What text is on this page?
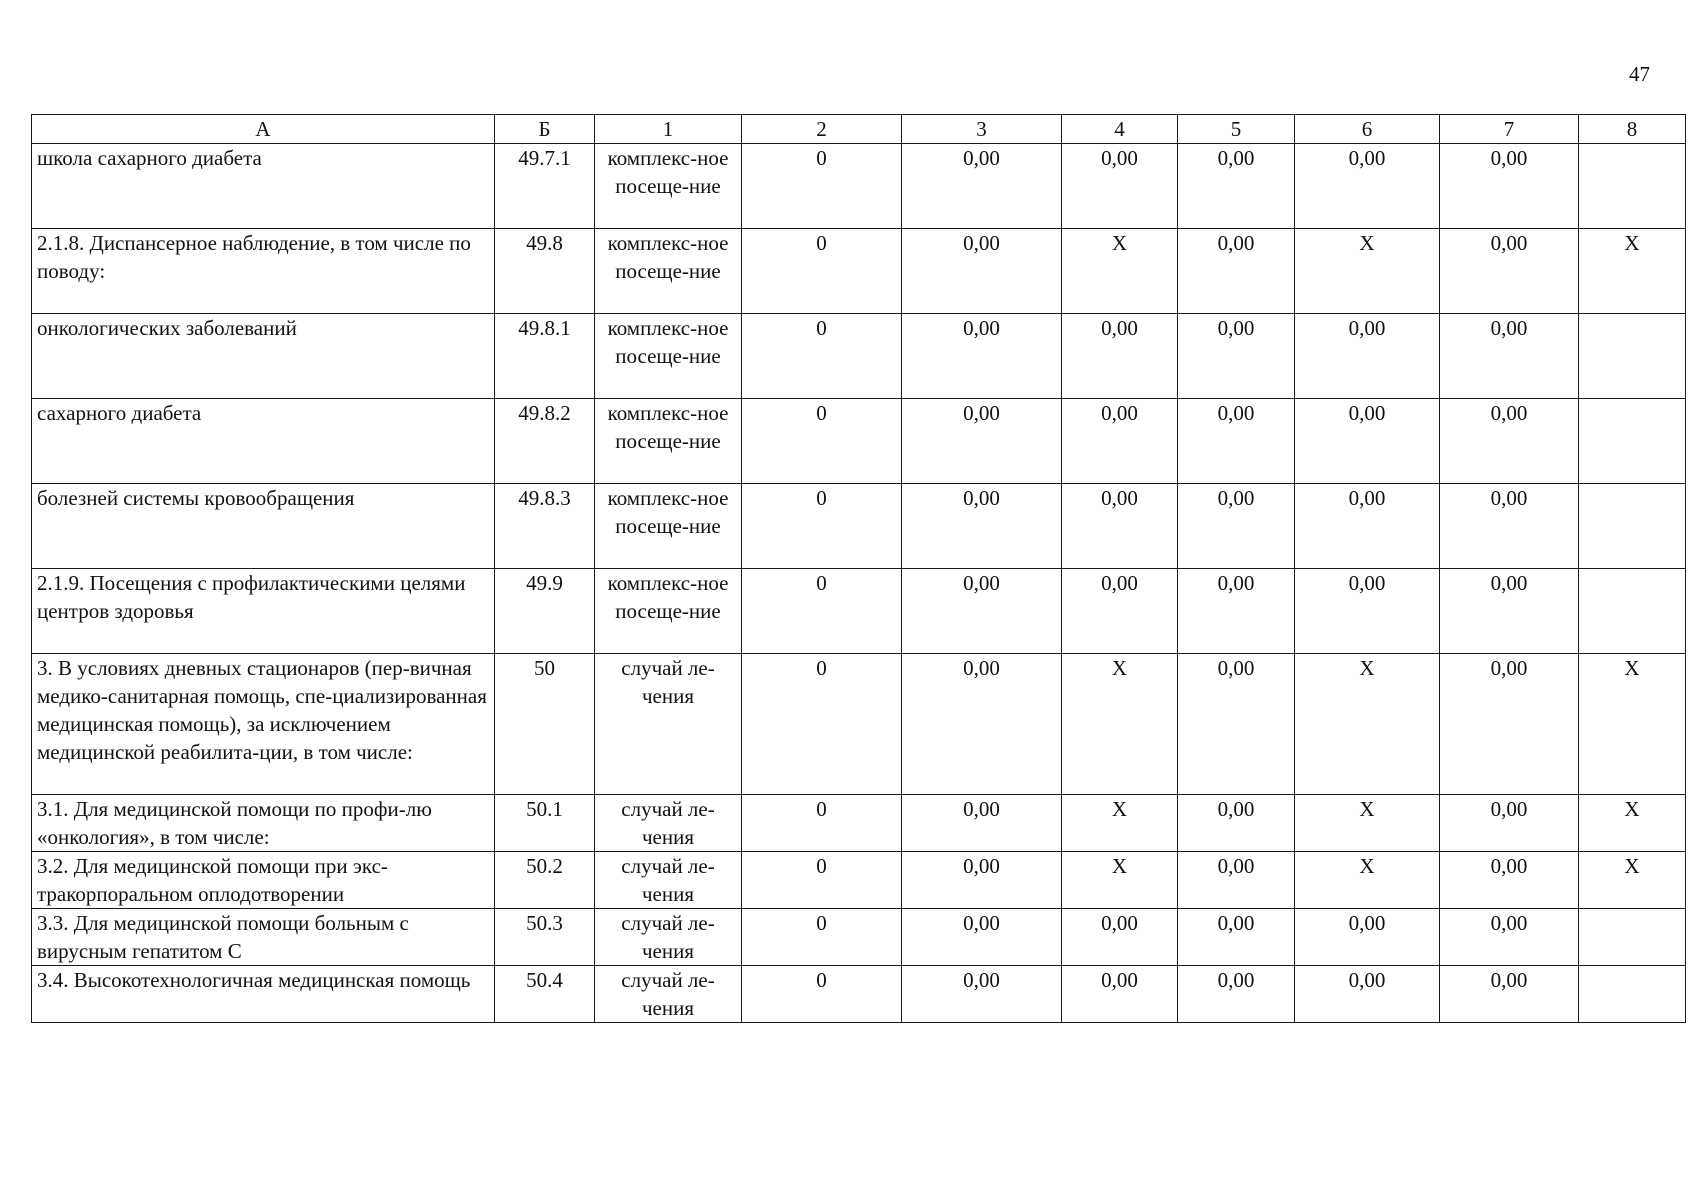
47
А	Б	1	2	3	4	5	6	7	8
школа сахарного диабета	49.7.1	комплекс-ное посеще-ние	0	0,00	0,00	0,00	0,00	0,00	
2.1.8. Диспансерное наблюдение, в том числе по поводу:	49.8	комплекс-ное посеще-ние	0	0,00	X	0,00	X	0,00	X
онкологических заболеваний	49.8.1	комплекс-ное посеще-ние	0	0,00	0,00	0,00	0,00	0,00	
сахарного диабета	49.8.2	комплекс-ное посеще-ние	0	0,00	0,00	0,00	0,00	0,00	
болезней системы кровообращения	49.8.3	комплекс-ное посеще-ние	0	0,00	0,00	0,00	0,00	0,00	
2.1.9. Посещения с профилактическими целями центров здоровья	49.9	комплекс-ное посеще-ние	0	0,00	0,00	0,00	0,00	0,00	
3. В условиях дневных стационаров (пер-вичная медико-санитарная помощь, спе-циализированная медицинская помощь), за исключением медицинской реабилита-ции, в том числе:	50	случай ле-чения	0	0,00	X	0,00	X	0,00	X
3.1. Для медицинской помощи по профи-лю «онкология», в том числе:	50.1	случай ле-чения	0	0,00	X	0,00	X	0,00	X
3.2. Для медицинской помощи при экс-тракорпоральном оплодотворении	50.2	случай ле-чения	0	0,00	X	0,00	X	0,00	X
3.3. Для медицинской помощи больным с вирусным гепатитом С	50.3	случай ле-чения	0	0,00	0,00	0,00	0,00	0,00	
3.4. Высокотехнологичная медицинская помощь	50.4	случай ле-чения	0	0,00	0,00	0,00	0,00	0,00	
